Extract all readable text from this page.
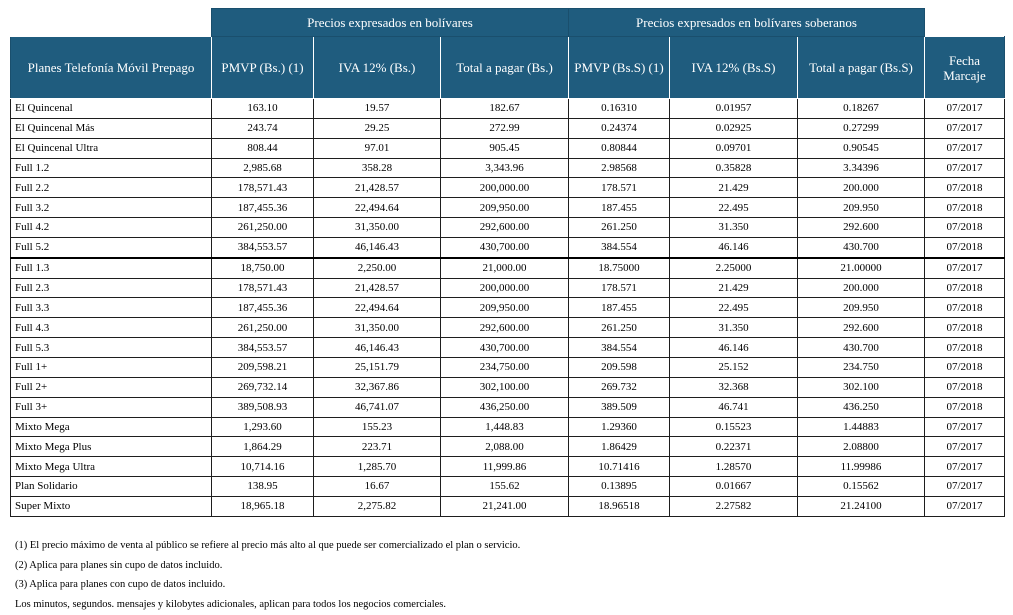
	Precios expresados en bolívares			Precios expresados en bolívares soberanos			
Planes Telefonía Móvil Prepago	PMVP (Bs.) (1)	IVA 12% (Bs.)	Total a pagar (Bs.)	PMVP (Bs.S) (1)	IVA 12% (Bs.S)	Total a pagar (Bs.S)	Fecha
Marcaje
El Quincenal	163.10	19.57	182.67	0.16310	0.01957	0.18267	07/2017
El Quincenal Más	243.74	29.25	272.99	0.24374	0.02925	0.27299	07/2017
El Quincenal Ultra	808.44	97.01	905.45	0.80844	0.09701	0.90545	07/2017
Full 1.2	2,985.68	358.28	3,343.96	2.98568	0.35828	3.34396	07/2017
Full 2.2	178,571.43	21,428.57	200,000.00	178.571	21.429	200.000	07/2018
Full 3.2	187,455.36	22,494.64	209,950.00	187.455	22.495	209.950	07/2018
Full 4.2	261,250.00	31,350.00	292,600.00	261.250	31.350	292.600	07/2018
Full 5.2	384,553.57	46,146.43	430,700.00	384.554	46.146	430.700	07/2018
Full 1.3	18,750.00	2,250.00	21,000.00	18.75000	2.25000	21.00000	07/2017
Full 2.3	178,571.43	21,428.57	200,000.00	178.571	21.429	200.000	07/2018
Full 3.3	187,455.36	22,494.64	209,950.00	187.455	22.495	209.950	07/2018
Full 4.3	261,250.00	31,350.00	292,600.00	261.250	31.350	292.600	07/2018
Full 5.3	384,553.57	46,146.43	430,700.00	384.554	46.146	430.700	07/2018
Full 1+	209,598.21	25,151.79	234,750.00	209.598	25.152	234.750	07/2018
Full 2+	269,732.14	32,367.86	302,100.00	269.732	32.368	302.100	07/2018
Full 3+	389,508.93	46,741.07	436,250.00	389.509	46.741	436.250	07/2018
Mixto Mega	1,293.60	155.23	1,448.83	1.29360	0.15523	1.44883	07/2017
Mixto Mega Plus	1,864.29	223.71	2,088.00	1.86429	0.22371	2.08800	07/2017
Mixto Mega Ultra	10,714.16	1,285.70	11,999.86	10.71416	1.28570	11.99986	07/2017
Plan Solidario	138.95	16.67	155.62	0.13895	0.01667	0.15562	07/2017
Super Mixto	18,965.18	2,275.82	21,241.00	18.96518	2.27582	21.24100	07/2017
(1) El precio máximo de venta al público se refiere al precio más alto al que puede ser comercializado el plan o servicio.
(2) Aplica para planes sin cupo de datos incluido.
(3) Aplica para planes con cupo de datos incluido.
Los minutos, segundos. mensajes y kilobytes adicionales, aplican para todos los negocios comerciales.
